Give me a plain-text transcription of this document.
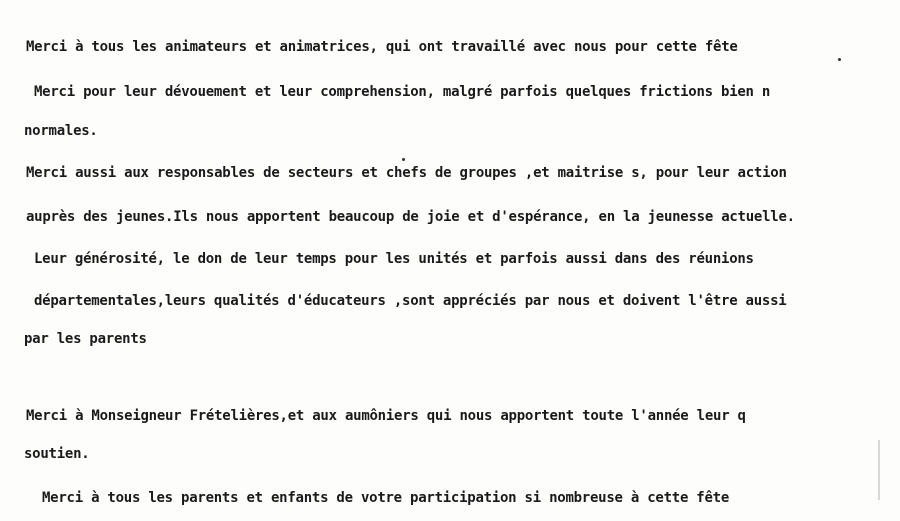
Merci à tous les animateurs et animatrices, qui ont travaillé avec nous pour cette fête
Merci pour leur dévouement et leur comprehension, malgré parfois quelques frictions bien n
normales.
Merci aussi aux responsables de secteurs et chefs de groupes ,et maitrise s, pour leur action
auprès des jeunes.Ils nous apportent beaucoup de joie et d'espérance, en la jeunesse actuelle.
Leur générosité, le don de leur temps pour les unités et parfois aussi dans des réunions
départementales,leurs qualités d'éducateurs ,sont appréciés par nous et doivent l'être aussi
par les parents
Merci à Monseigneur Frételières,et aux aumôniers qui nous apportent toute l'année leur q
soutien.
Merci à tous les parents et enfants de votre participation si nombreuse à cette fête
